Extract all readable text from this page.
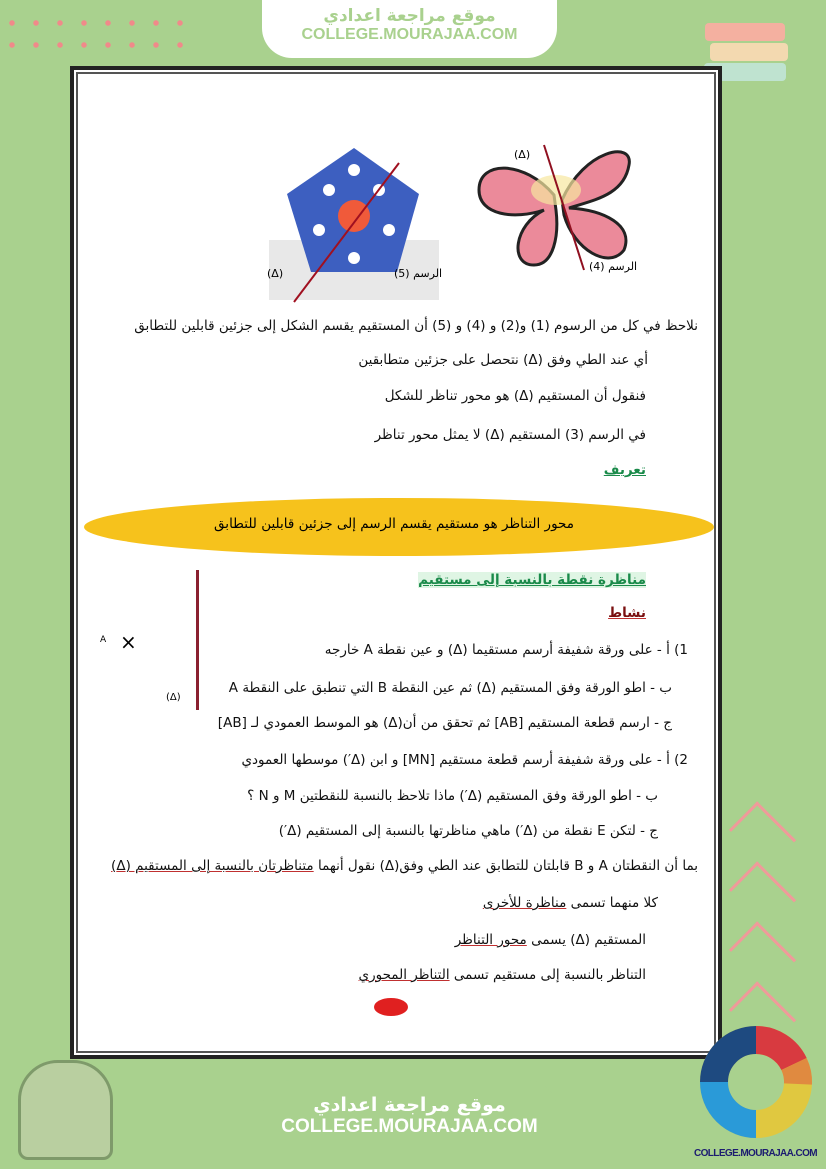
موقع مراجعة اعدادي
COLLEGE.MOURAJAA.COM
(Δ)	الرسم (5)
(Δ)
الرسم (4)
نلاحظ في كل من الرسوم (1) و(2) و (4) و (5) أن المستقيم يقسم الشكل إلى جزئين قابلين للتطابق
أي عند الطي وفق (Δ) نتحصل على جزئين متطابقين
فنقول أن المستقيم (Δ) هو محور تناظر للشكل
في الرسم (3) المستقيم (Δ) لا يمثل محور تناظر
تعريف
محور التناظر هو مستقيم يقسم الرسم إلى جزئين قابلين للتطابق
A ×
(Δ)
مناظرة نقطة بالنسبة إلى مستقيم
نشاط
1) أ - على ورقة شفيفة أرسم مستقيما (Δ) و عين نقطة A خارجه
ب - اطو الورقة وفق المستقيم (Δ) ثم عين النقطة B التي تنطبق على النقطة A
ج - ارسم قطعة المستقيم [AB] ثم تحقق من أن(Δ) هو الموسط العمودي لـ [AB]
2) أ - على ورقة شفيفة أرسم قطعة مستقيم [MN] و ابن (Δ′) موسطها العمودي
ب - اطو الورقة وفق المستقيم (Δ′) ماذا تلاحظ بالنسبة للنقطتين M و N ؟
ج - لتكن E نقطة من (Δ′) ماهي مناظرتها بالنسبة إلى المستقيم (Δ′)
بما أن النقطتان A و B قابلتان للتطابق عند الطي وفق(Δ) نقول أنهما متناظرتان بالنسبة إلى المستقيم (Δ)
كلا منهما تسمى مناظرة للأخرى
المستقيم (Δ) يسمى محور التناظر
التناظر بالنسبة إلى مستقيم تسمى التناظر المحوري
موقع مراجعة اعدادي
COLLEGE.MOURAJAA.COM
COLLEGE.MOURAJAA.COM
